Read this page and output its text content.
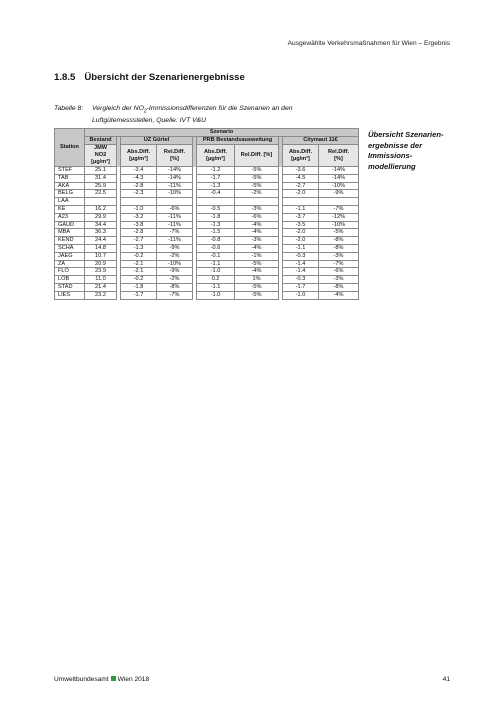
Ausgewählte Verkehrsmaßnahmen für Wien – Ergebnis
1.8.5 Übersicht der Szenarienergebnisse
Tabelle 8: Vergleich der $NO_2$-Immissionsdifferenzen für die Szenarien an den
Luftgütemessstellen, Quelle: IVT V&U
Station	Szenario									
	Bestand		UZ Gürtel			PRB Bestandsausweitung			Citymaut 11€	
	JMW
NO2
[µg/m³]		Abs.Diff.
[µg/m³]	Rel.Diff.
[%]		Abs.Diff.
[µg/m³]	Rel.Diff. [%]		Abs.Diff.
[µg/m³]	Rel.Diff.
[%]
STEF	25.1		-3.4	-14%		-1.2	-5%		-3.6	-14%
TAB	31.4		-4.3	-14%		-1.7	-5%		-4.5	-14%
AKA	25.9		-2.8	-11%		-1.3	-5%		-2.7	-10%
BELG	22.5		-2.3	-10%		-0.4	-2%		-2.0	-9%
LAA										
KE	16.2		-1.0	-6%		-0.5	-3%		-1.1	-7%
A23	29.9		-3.2	-11%		-1.8	-6%		-3.7	-12%
GAUD	34.4		-3.8	-11%		-1.3	-4%		-3.5	-10%
MBA	36.3		-2.8	-7%		-1.5	-4%		-2.0	-5%
KEND	24.4		-2.7	-11%		-0.8	-3%		-2.0	-8%
SCHA	14.8		-1.3	-9%		-0.6	-4%		-1.1	-8%
JAEG	10.7		-0.2	-2%		-0.1	-1%		-0.3	-3%
ZA	20.9		-2.1	-10%		-1.1	-5%		-1.4	-7%
FLO	23.9		-2.1	-9%		-1.0	-4%		-1.4	-6%
LOB	11.0		-0.2	-2%		0.2	1%		-0.3	-3%
STAD	21.4		-1.8	-8%		-1.1	-5%		-1.7	-8%
LIES	23.2		-1.7	-7%		-1.0	-5%		-1.0	-4%
Übersicht Szenarien-ergebnisse der Immissions-modellierung
Umweltbundesamt Wien 2018	41
